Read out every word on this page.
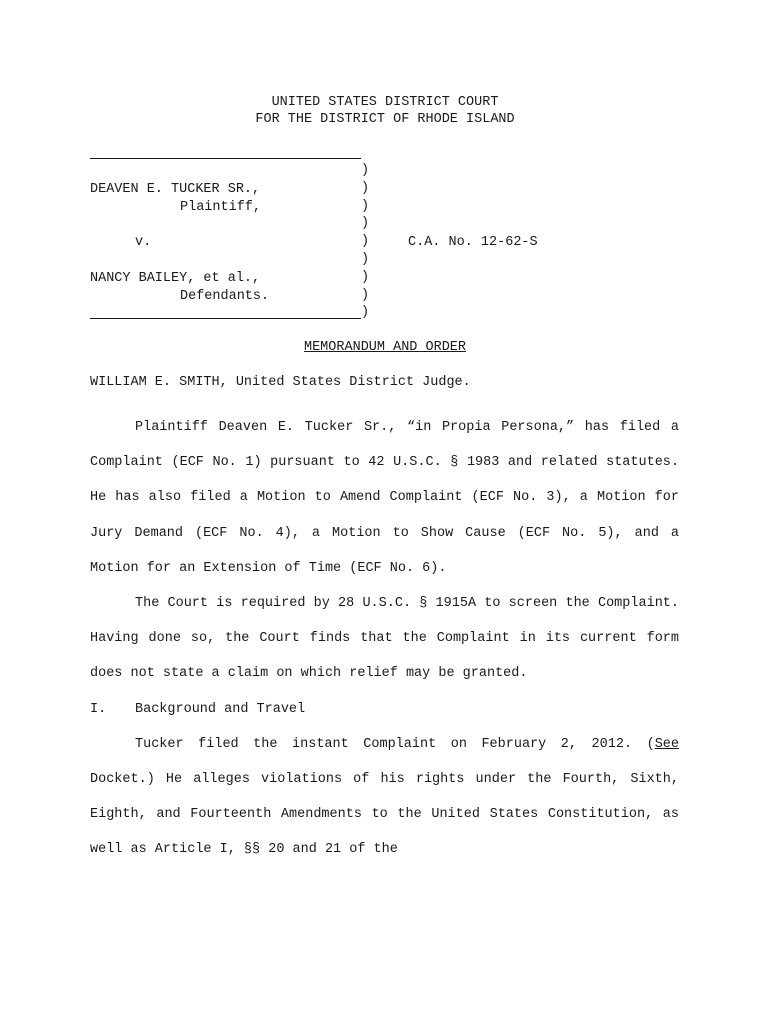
UNITED STATES DISTRICT COURT
FOR THE DISTRICT OF RHODE ISLAND
)
)
)
)
)
)
)
)
)
DEAVEN E. TUCKER SR.,
Plaintiff,
v.	C.A. No. 12-62-S
NANCY BAILEY, et al.,
Defendants.
MEMORANDUM AND ORDER
WILLIAM E. SMITH, United States District Judge.

Plaintiff Deaven E. Tucker Sr., “in Propia Persona,” has filed a Complaint (ECF No. 1) pursuant to 42 U.S.C. § 1983 and related statutes. He has also filed a Motion to Amend Complaint (ECF No. 3), a Motion for Jury Demand (ECF No. 4), a Motion to Show Cause (ECF No. 5), and a Motion for an Extension of Time (ECF No. 6).

The Court is required by 28 U.S.C. § 1915A to screen the Complaint. Having done so, the Court finds that the Complaint in its current form does not state a claim on which relief may be granted.

I. Background and Travel

Tucker filed the instant Complaint on February 2, 2012. (See Docket.) He alleges violations of his rights under the Fourth, Sixth, Eighth, and Fourteenth Amendments to the United States Constitution, as well as Article I, §§ 20 and 21 of the
